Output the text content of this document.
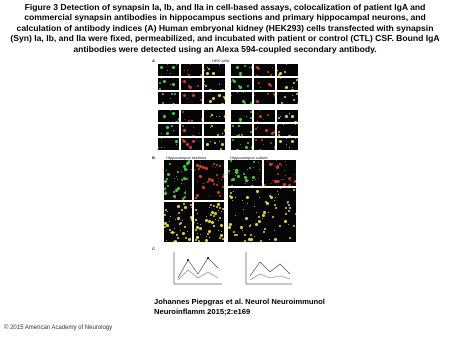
Figure 3 Detection of synapsin Ia, Ib, and IIa in cell-based assays, colocalization of patient IgA and commercial synapsin antibodies in hippocampus sections and primary hippocampal neurons, and calculation of antibody indices (A) Human embryonal kidney (HEK293) cells transfected with synapsin (Syn) Ia, Ib, and IIa were fixed, permeabilized, and incubated with patient or control (CTL) CSF. Bound IgA antibodies were detected using an Alexa 594-coupled secondary antibody.
A	HEK cells
B	Hippocampus sections	Hippocampus culture
C
Johannes Piepgras et al. Neurol Neuroimmunol
Neuroinflamm 2015;2:e169
© 2015 American Academy of Neurology
